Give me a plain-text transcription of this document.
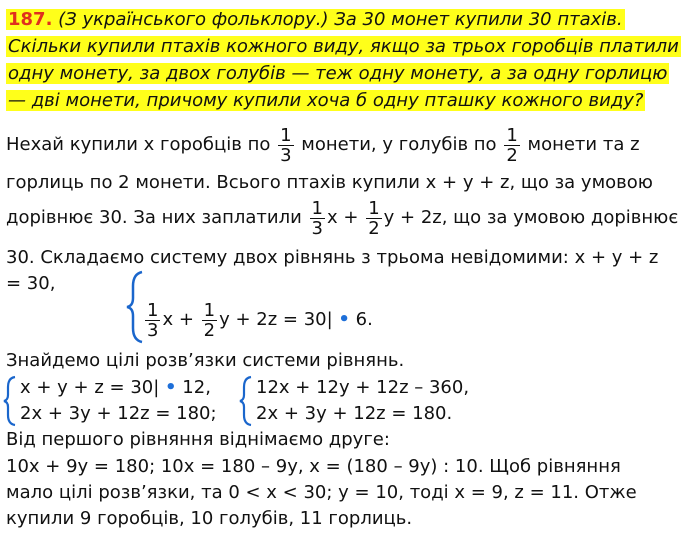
187. (З українського фольклору.) За 30 монет купили 30 птахів.
Скільки купили птахів кожного виду, якщо за трьох горобців платили
одну монету, за двох голубів — теж одну монету, а за одну горлицю
— дві монети, причому купили хоча б одну пташку кожного виду?
Нехай купили x горобців по $\frac{1}{3}$ монети, у голубів по $\frac{1}{2}$ монети та z
горлиць по 2 монети. Всього птахів купили x + y + z, що за умовою
дорівнює 30. За них заплатили $\frac{1}{3}$ $x + \frac{1}{2}$ y + 2z, що за умовою дорівнює
30. Складаємо систему двох рівнянь з трьома невідомими: x + y + z
= 30,
$\frac{1}{3}$ $x + \frac{1}{2}$ y + 2z = 30| • 6.
Знайдемо цілі розв’язки системи рівнянь.
x + y + z = 30| • 12,
2x + 3y + 12z = 180;
12x + 12y + 12z – 360,
2x + 3y + 12z = 180.
Від першого рівняння віднімаємо друге:
10x + 9y = 180; 10x = 180 – 9y, x = (180 – 9y) : 10. Щоб рівняння
мало цілі розв’язки, та 0 < x < 30; y = 10, тоді x = 9, z = 11. Отже
купили 9 горобців, 10 голубів, 11 горлиць.
